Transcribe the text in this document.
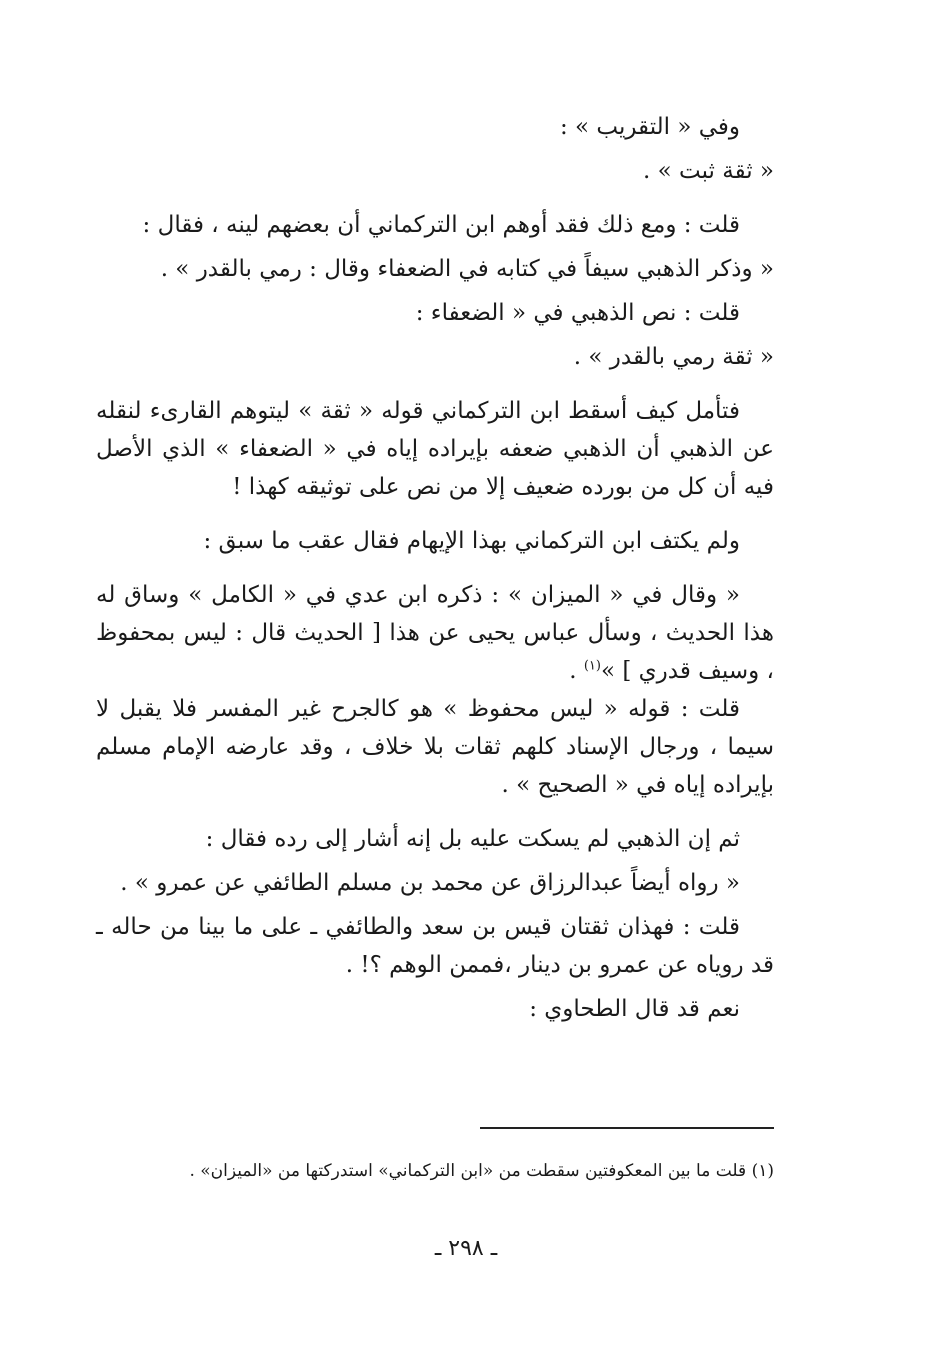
وفي « التقريب » :

« ثقة ثبت » .

قلت : ومع ذلك فقد أوهم ابن التركماني أن بعضهم لينه ، فقال :

« وذكر الذهبي سيفاً في كتابه في الضعفاء وقال : رمي بالقدر » .

قلت : نص الذهبي في « الضعفاء :

« ثقة رمي بالقدر » .

فتأمل كيف أسقط ابن التركماني قوله « ثقة » ليتوهم القارىء لنقله عن الذهبي أن الذهبي ضعفه بإيراده إياه في « الضعفاء » الذي الأصل فيه أن كل من بورده ضعيف إلا من نص على توثيقه كهذا !

ولم يكتف ابن التركماني بهذا الإيهام فقال عقب ما سبق :

« وقال في « الميزان » : ذكره ابن عدي في « الكامل » وساق له هذا الحديث ، وسأل عباس يحيى عن هذا [ الحديث قال : ليس بمحفوظ ، وسيف قدري ] »$^{(١)}$ .

قلت : قوله « ليس محفوظ » هو كالجرح غير المفسر فلا يقبل لا سيما ، ورجال الإسناد كلهم ثقات بلا خلاف ، وقد عارضه الإمام مسلم بإيراده إياه في « الصحيح » .

ثم إن الذهبي لم يسكت عليه بل إنه أشار إلى رده فقال :

« رواه أيضاً عبدالرزاق عن محمد بن مسلم الطائفي عن عمرو » .

قلت : فهذان ثقتان قيس بن سعد والطائفي ـ على ما بينا من حاله ـ قد روياه عن عمرو بن دينار ،فممن الوهم ؟! .

نعم قد قال الطحاوي :

(١) قلت ما بين المعكوفتين سقطت من «ابن التركماني» استدركتها من «الميزان» .
ـ ٢٩٨ ـ
